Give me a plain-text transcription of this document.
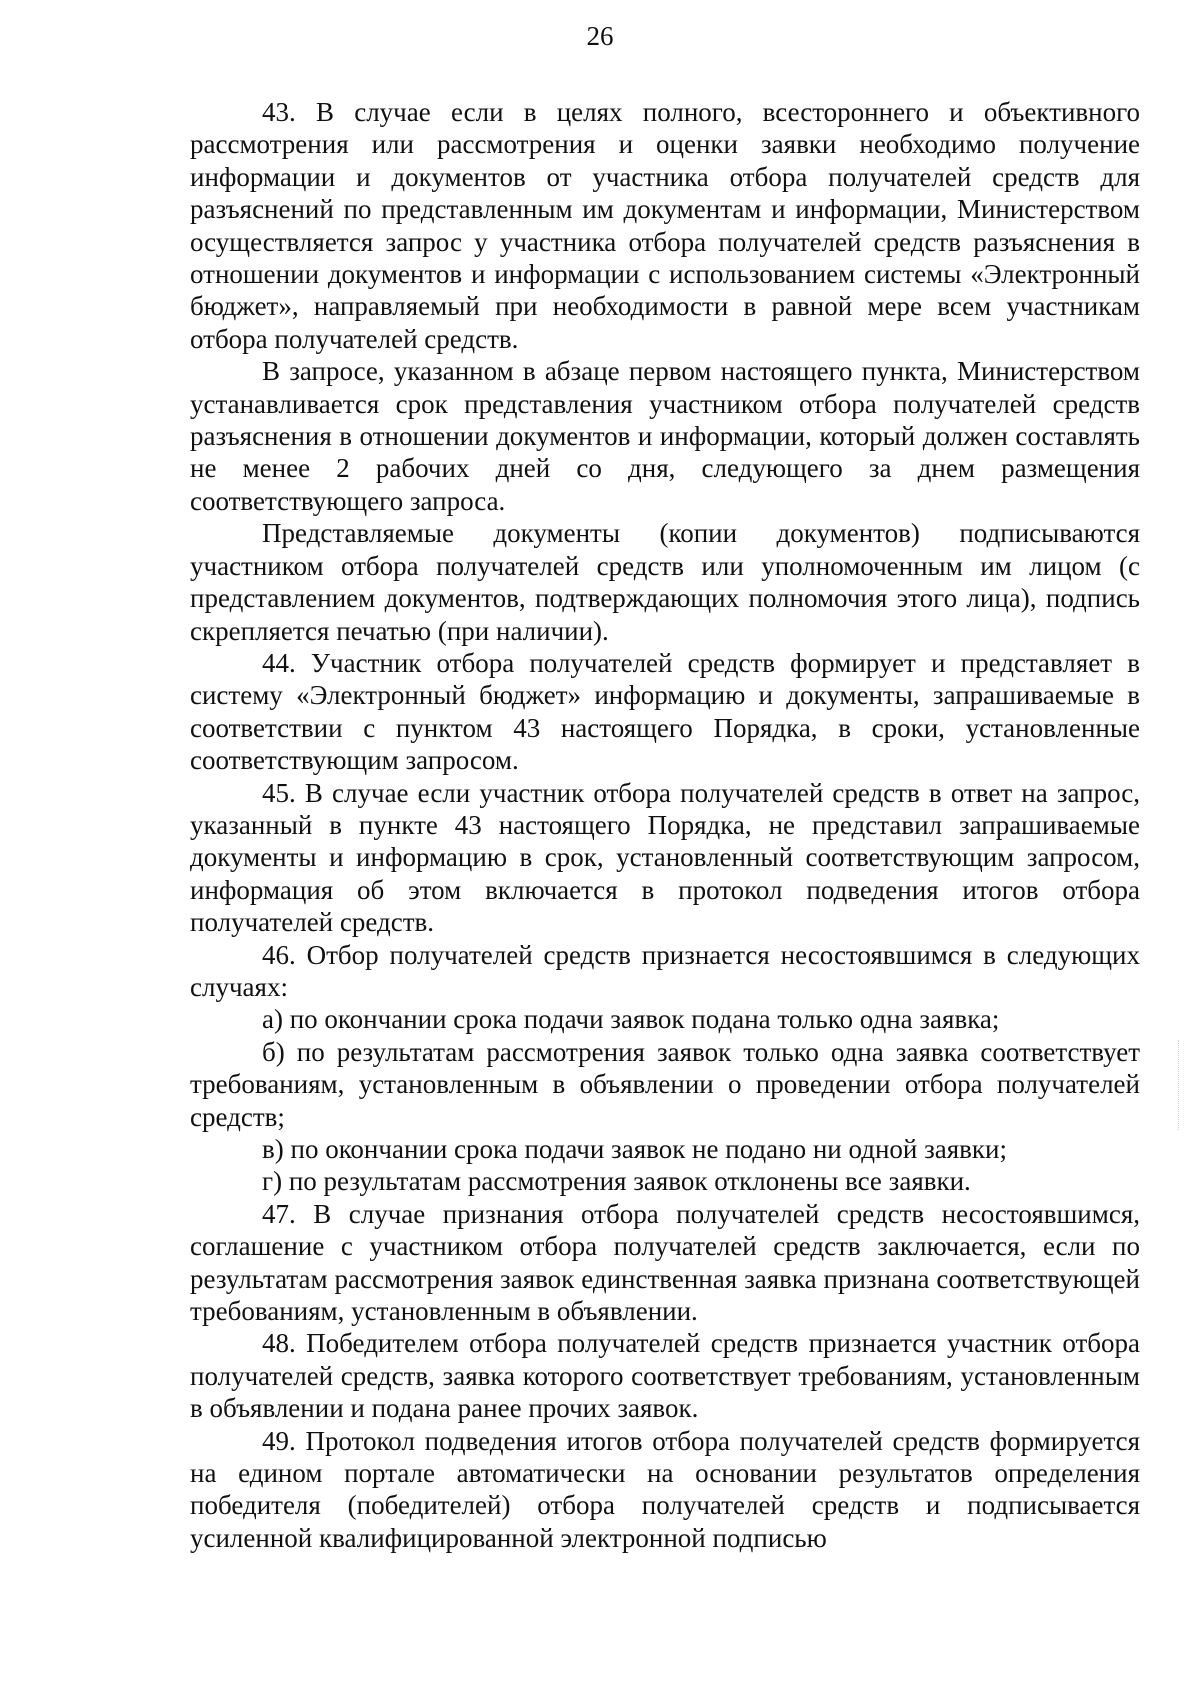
26

43. В случае если в целях полного, всестороннего и объективного рассмотрения или рассмотрения и оценки заявки необходимо получение информации и документов от участника отбора получателей средств для разъяснений по представленным им документам и информации, Министерством осуществляется запрос у участника отбора получателей средств разъяснения в отношении документов и информации с использованием системы «Электронный бюджет», направляемый при необходимости в равной мере всем участникам отбора получателей средств.

В запросе, указанном в абзаце первом настоящего пункта, Министерством устанавливается срок представления участником отбора получателей средств разъяснения в отношении документов и информации, который должен составлять не менее 2 рабочих дней со дня, следующего за днем размещения соответствующего запроса.

Представляемые документы (копии документов) подписываются участником отбора получателей средств или уполномоченным им лицом (с представлением документов, подтверждающих полномочия этого лица), подпись скрепляется печатью (при наличии).

44. Участник отбора получателей средств формирует и представляет в систему «Электронный бюджет» информацию и документы, запрашиваемые в соответствии с пунктом 43 настоящего Порядка, в сроки, установленные соответствующим запросом.

45. В случае если участник отбора получателей средств в ответ на запрос, указанный в пункте 43 настоящего Порядка, не представил запрашиваемые документы и информацию в срок, установленный соответствующим запросом, информация об этом включается в протокол подведения итогов отбора получателей средств.

46. Отбор получателей средств признается несостоявшимся в следующих случаях:

а) по окончании срока подачи заявок подана только одна заявка;

б) по результатам рассмотрения заявок только одна заявка соответствует требованиям, установленным в объявлении о проведении отбора получателей средств;

в) по окончании срока подачи заявок не подано ни одной заявки;

г) по результатам рассмотрения заявок отклонены все заявки.

47. В случае признания отбора получателей средств несостоявшимся, соглашение с участником отбора получателей средств заключается, если по результатам рассмотрения заявок единственная заявка признана соответствующей требованиям, установленным в объявлении.

48. Победителем отбора получателей средств признается участник отбора получателей средств, заявка которого соответствует требованиям, установленным в объявлении и подана ранее прочих заявок.

49. Протокол подведения итогов отбора получателей средств формируется на едином портале автоматически на основании результатов определения победителя (победителей) отбора получателей средств и подписывается усиленной квалифицированной электронной подписью
